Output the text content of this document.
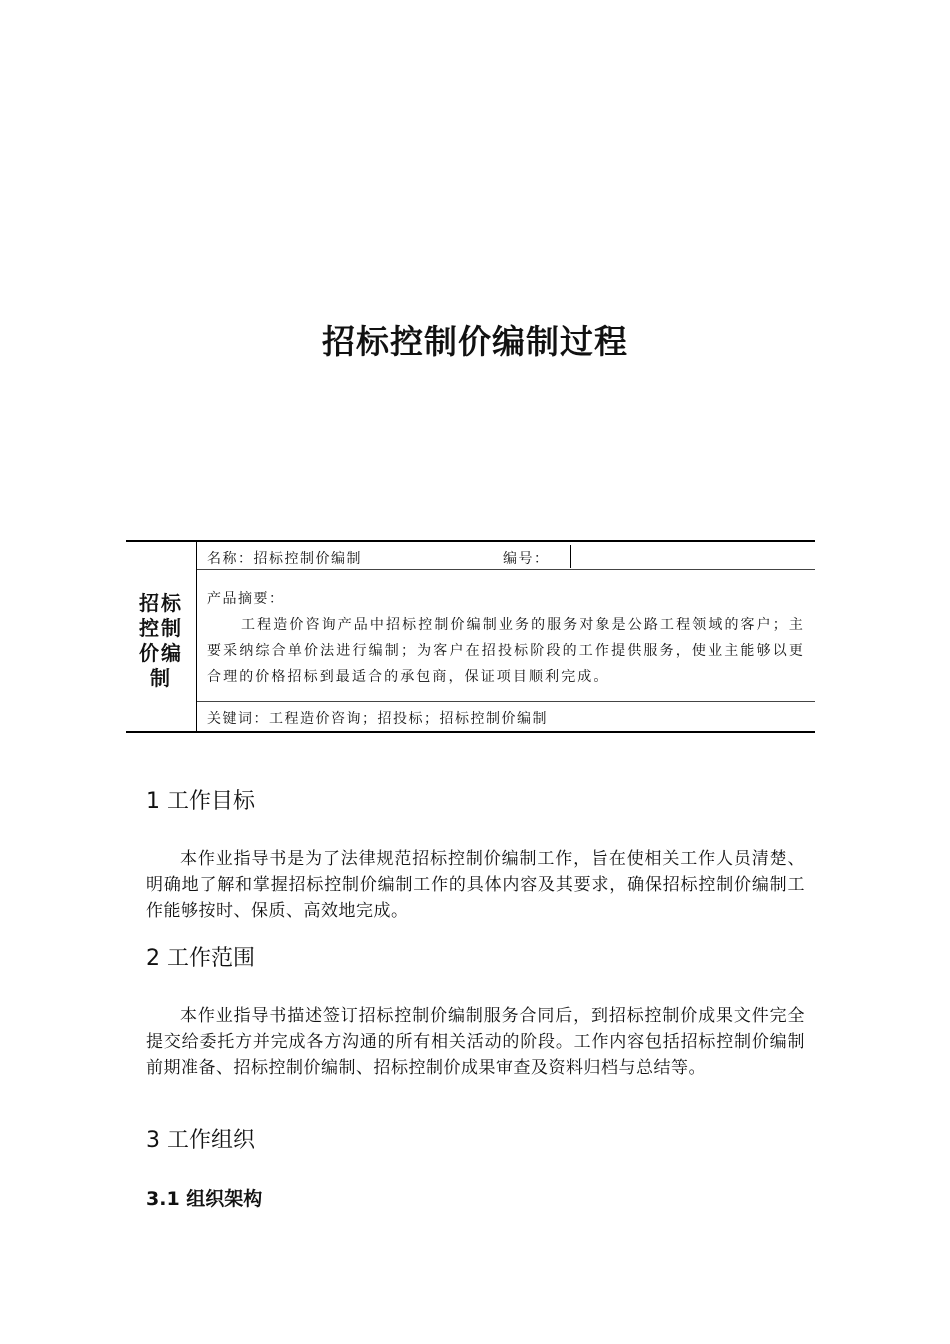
招标控制价编制过程
招标控制价编制
名称：招标控制价编制	编号：
产品摘要：
工程造价咨询产品中招标控制价编制业务的服务对象是公路工程领域的客户；主要采纳综合单价法进行编制；为客户在招投标阶段的工作提供服务，使业主能够以更合理的价格招标到最适合的承包商，保证项目顺利完成。
关键词：工程造价咨询；招投标；招标控制价编制
1 工作目标
本作业指导书是为了法律规范招标控制价编制工作，旨在使相关工作人员清楚、明确地了解和掌握招标控制价编制工作的具体内容及其要求，确保招标控制价编制工作能够按时、保质、高效地完成。
2 工作范围
本作业指导书描述签订招标控制价编制服务合同后，到招标控制价成果文件完全提交给委托方并完成各方沟通的所有相关活动的阶段。工作内容包括招标控制价编制前期准备、招标控制价编制、招标控制价成果审查及资料归档与总结等。
3 工作组织
3.1 组织架构
